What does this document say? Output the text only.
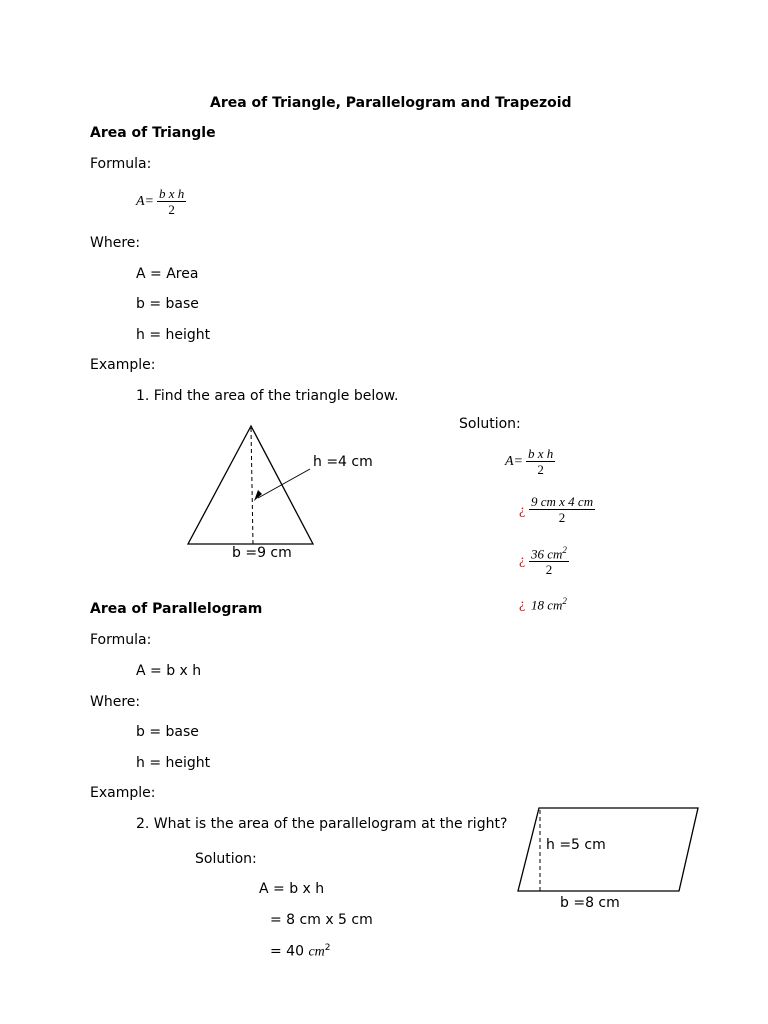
Area of Triangle, Parallelogram and Trapezoid
Area of Triangle
Formula:
$A= \frac{\text{b x h}}{2}$
Where:
A = Area
b = base
h = height
Example:
1. Find the area of the triangle below.
h =4 cm
b =9 cm
Solution:
$A= \frac{\text{b x h}}{2}$
¿ $\frac{\text{9 cm x 4 cm}}{2}$
¿ $\frac{36 cm^2}{2}$
¿ 18 $cm^2$
Area of Parallelogram
Formula:
A = b x h
Where:
b = base
h = height
Example:
2. What is the area of the parallelogram at the right?
Solution:
A = b x h
= 8 cm x 5 cm
= 40 $cm^2$
h =5 cm
b =8 cm
